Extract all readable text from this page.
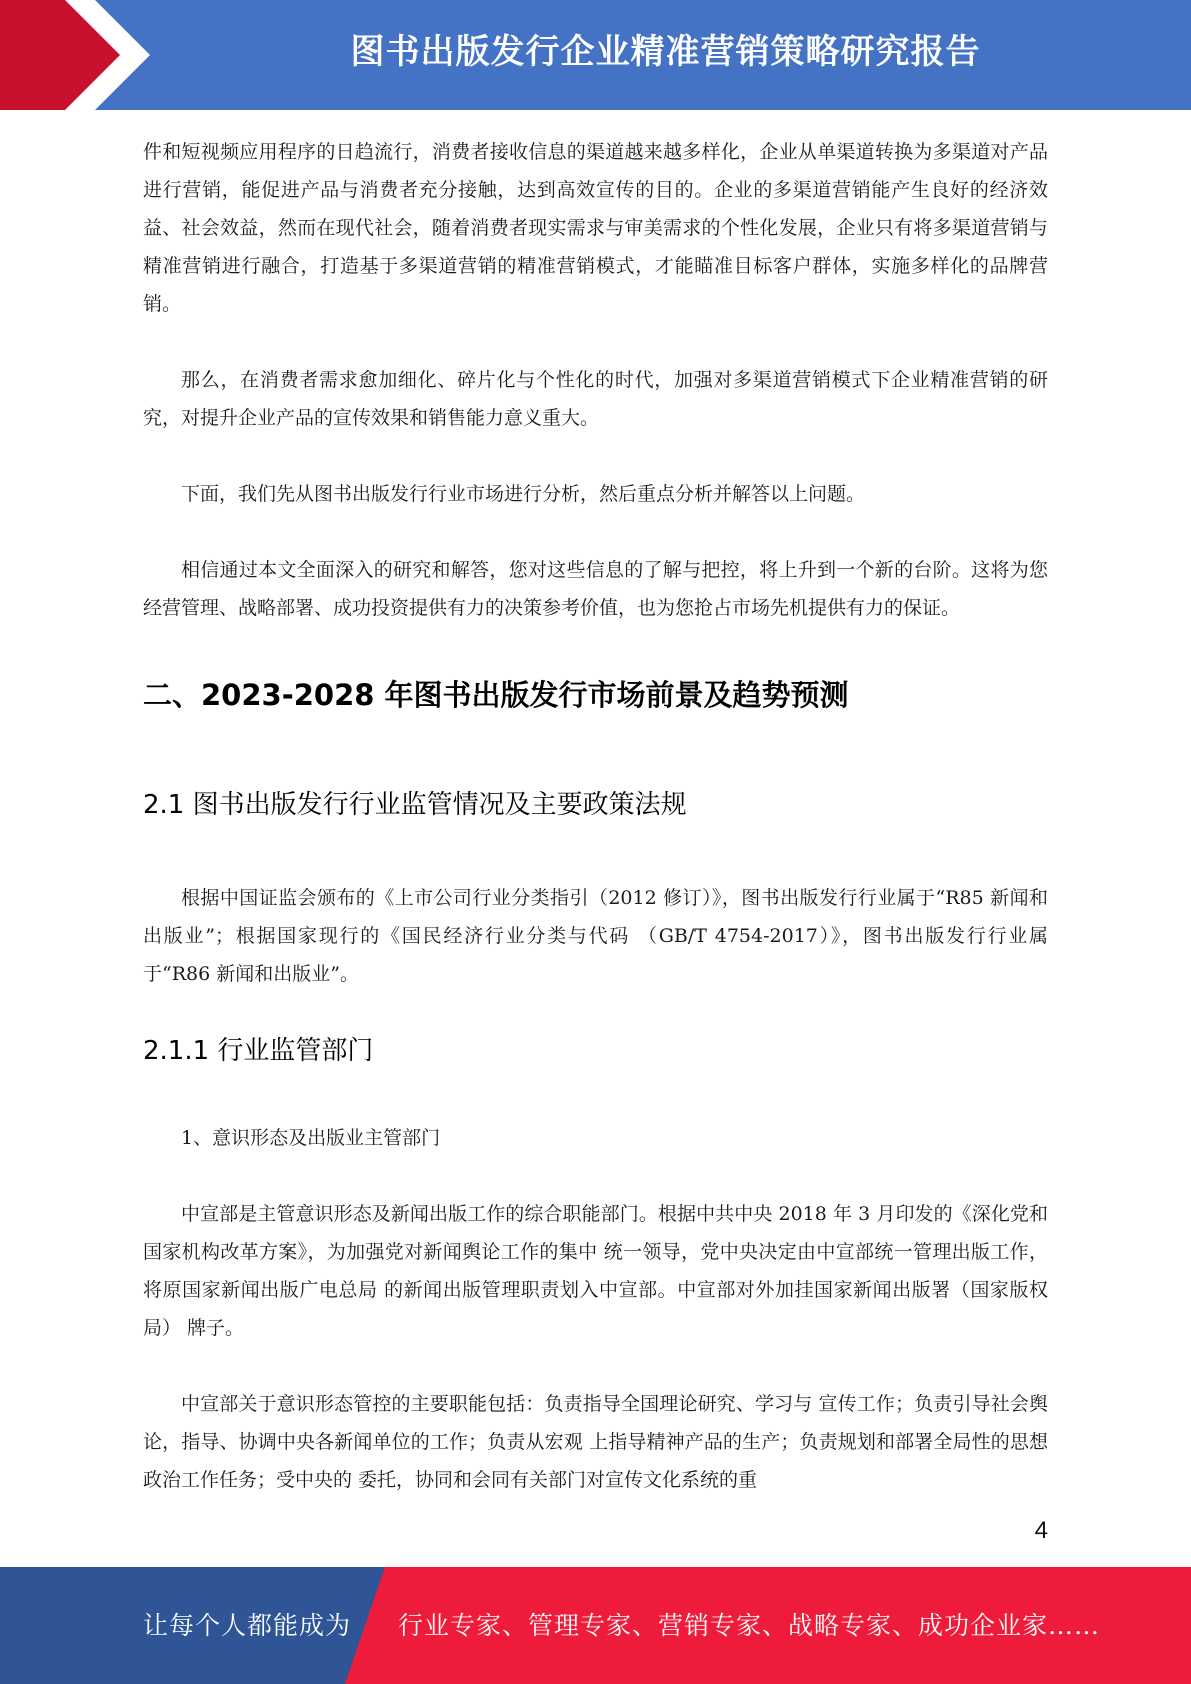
图书出版发行企业精准营销策略研究报告

件和短视频应用程序的日趋流行，消费者接收信息的渠道越来越多样化，企业从单渠道转换为多渠道对产品进行营销，能促进产品与消费者充分接触，达到高效宣传的目的。企业的多渠道营销能产生良好的经济效益、社会效益，然而在现代社会，随着消费者现实需求与审美需求的个性化发展，企业只有将多渠道营销与精准营销进行融合，打造基于多渠道营销的精准营销模式，才能瞄准目标客户群体，实施多样化的品牌营销。

那么，在消费者需求愈加细化、碎片化与个性化的时代，加强对多渠道营销模式下企业精准营销的研究，对提升企业产品的宣传效果和销售能力意义重大。

下面，我们先从图书出版发行行业市场进行分析，然后重点分析并解答以上问题。

相信通过本文全面深入的研究和解答，您对这些信息的了解与把控，将上升到一个新的台阶。这将为您经营管理、战略部署、成功投资提供有力的决策参考价值，也为您抢占市场先机提供有力的保证。

二、2023-2028 年图书出版发行市场前景及趋势预测
2.1 图书出版发行行业监管情况及主要政策法规

根据中国证监会颁布的《上市公司行业分类指引（2012 修订）》，图书出版发行行业属于“R85 新闻和出版业”；根据国家现行的《国民经济行业分类与代码 （GB/T 4754-2017）》，图书出版发行行业属于“R86 新闻和出版业”。

2.1.1 行业监管部门

1、意识形态及出版业主管部门

中宣部是主管意识形态及新闻出版工作的综合职能部门。根据中共中央 2018 年 3 月印发的《深化党和国家机构改革方案》，为加强党对新闻舆论工作的集中 统一领导，党中央决定由中宣部统一管理出版工作，将原国家新闻出版广电总局 的新闻出版管理职责划入中宣部。中宣部对外加挂国家新闻出版署（国家版权局） 牌子。

中宣部关于意识形态管控的主要职能包括：负责指导全国理论研究、学习与 宣传工作；负责引导社会舆论，指导、协调中央各新闻单位的工作；负责从宏观 上指导精神产品的生产；负责规划和部署全局性的思想政治工作任务；受中央的 委托，协同和会同有关部门对宣传文化系统的重

4
让每个人都能成为 行业专家、管理专家、营销专家、战略专家、成功企业家……
